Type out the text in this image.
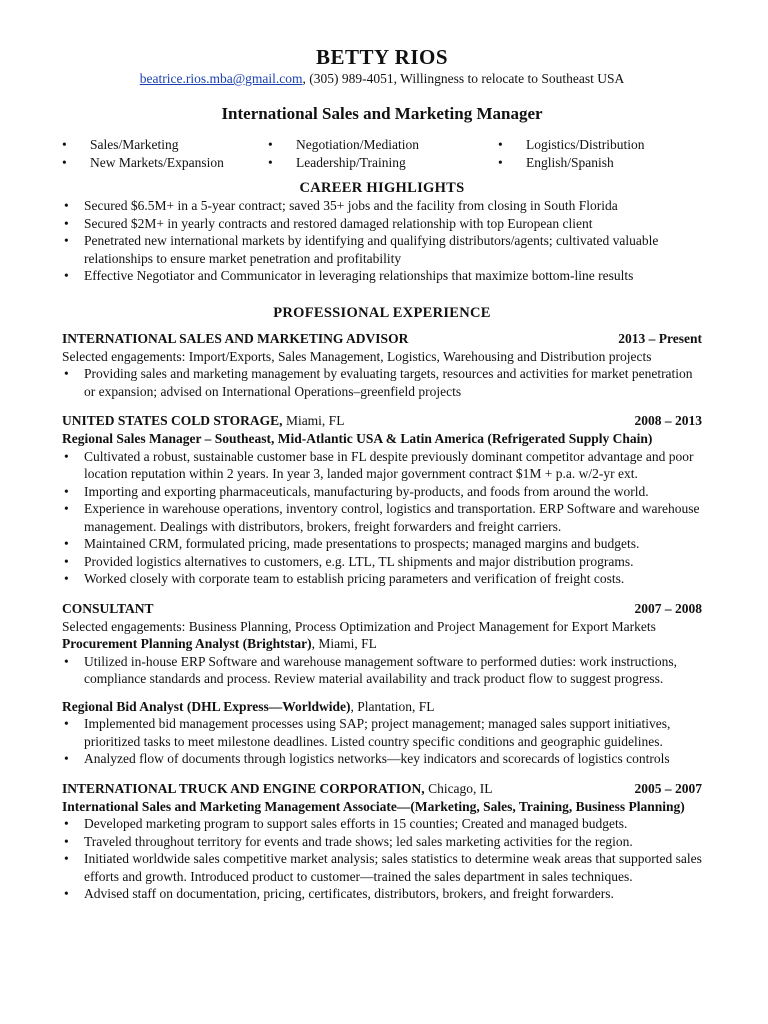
BETTY RIOS
beatrice.rios.mba@gmail.com, (305) 989-4051, Willingness to relocate to Southeast USA
International Sales and Marketing Manager
• Sales/Marketing
• New Markets/Expansion
• Negotiation/Mediation
• Leadership/Training
• Logistics/Distribution
• English/Spanish
CAREER HIGHLIGHTS
• Secured $6.5M+ in a 5-year contract; saved 35+ jobs and the facility from closing in South Florida
• Secured $2M+ in yearly contracts and restored damaged relationship with top European client
• Penetrated new international markets by identifying and qualifying distributors/agents; cultivated valuable relationships to ensure market penetration and profitability
• Effective Negotiator and Communicator in leveraging relationships that maximize bottom-line results
PROFESSIONAL EXPERIENCE
INTERNATIONAL SALES AND MARKETING ADVISOR	2013 – Present
Selected engagements: Import/Exports, Sales Management, Logistics, Warehousing and Distribution projects
• Providing sales and marketing management by evaluating targets, resources and activities for market penetration or expansion; advised on International Operations–greenfield projects
UNITED STATES COLD STORAGE, Miami, FL	2008 – 2013
Regional Sales Manager – Southeast, Mid-Atlantic USA & Latin America (Refrigerated Supply Chain)
• Cultivated a robust, sustainable customer base in FL despite previously dominant competitor advantage and poor location reputation within 2 years. In year 3, landed major government contract $1M + p.a. w/2-yr ext.
• Importing and exporting pharmaceuticals, manufacturing by-products, and foods from around the world.
• Experience in warehouse operations, inventory control, logistics and transportation. ERP Software and warehouse management. Dealings with distributors, brokers, freight forwarders and freight carriers.
• Maintained CRM, formulated pricing, made presentations to prospects; managed margins and budgets.
• Provided logistics alternatives to customers, e.g. LTL, TL shipments and major distribution programs.
• Worked closely with corporate team to establish pricing parameters and verification of freight costs.
CONSULTANT	2007 – 2008
Selected engagements: Business Planning, Process Optimization and Project Management for Export Markets
Procurement Planning Analyst (Brightstar), Miami, FL
• Utilized in-house ERP Software and warehouse management software to performed duties: work instructions, compliance standards and process. Review material availability and track product flow to suggest progress.
Regional Bid Analyst (DHL Express—Worldwide), Plantation, FL
• Implemented bid management processes using SAP; project management; managed sales support initiatives, prioritized tasks to meet milestone deadlines. Listed country specific conditions and geographic guidelines.
• Analyzed flow of documents through logistics networks—key indicators and scorecards of logistics controls
INTERNATIONAL TRUCK AND ENGINE CORPORATION, Chicago, IL	2005 – 2007
International Sales and Marketing Management Associate—(Marketing, Sales, Training, Business Planning)
• Developed marketing program to support sales efforts in 15 counties; Created and managed budgets.
• Traveled throughout territory for events and trade shows; led sales marketing activities for the region.
• Initiated worldwide sales competitive market analysis; sales statistics to determine weak areas that supported sales efforts and growth. Introduced product to customer—trained the sales department in sales techniques.
• Advised staff on documentation, pricing, certificates, distributors, brokers, and freight forwarders.
